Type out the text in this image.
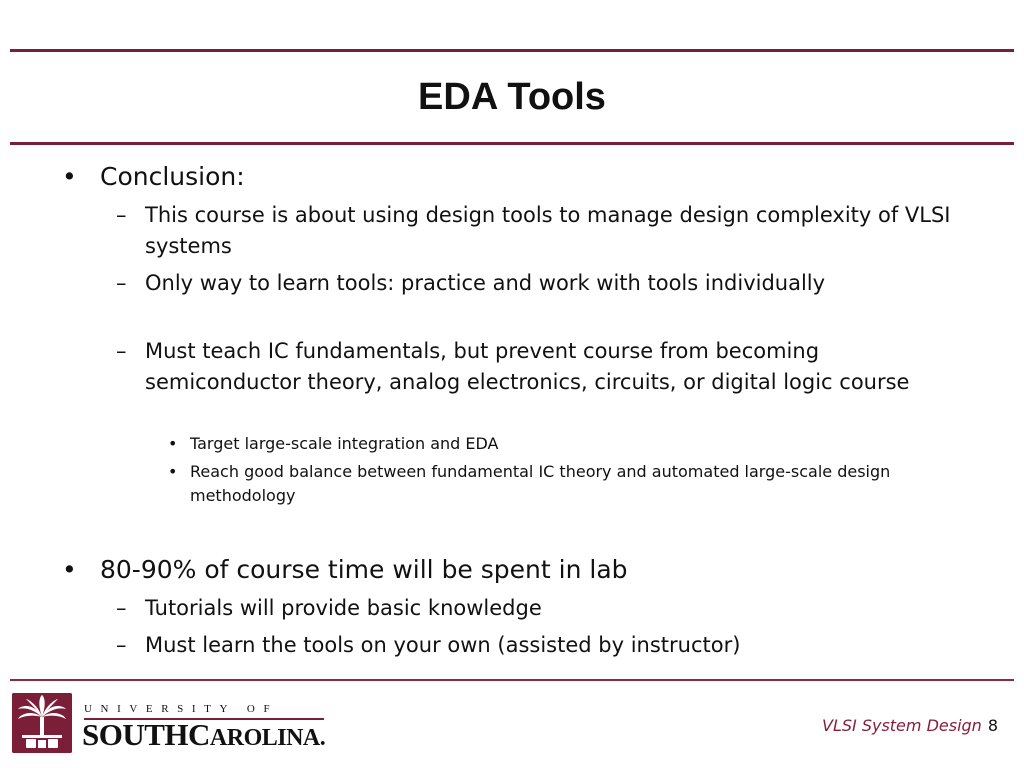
EDA Tools
• Conclusion:
– This course is about using design tools to manage design complexity of VLSI systems
– Only way to learn tools: practice and work with tools individually
– Must teach IC fundamentals, but prevent course from becoming semiconductor theory, analog electronics, circuits, or digital logic course
• Target large-scale integration and EDA
• Reach good balance between fundamental IC theory and automated large-scale design methodology
• 80-90% of course time will be spent in lab
– Tutorials will provide basic knowledge
– Must learn the tools on your own (assisted by instructor)
UNIVERSITY OF
SOUTHCAROLINA.	VLSI System Design 8
